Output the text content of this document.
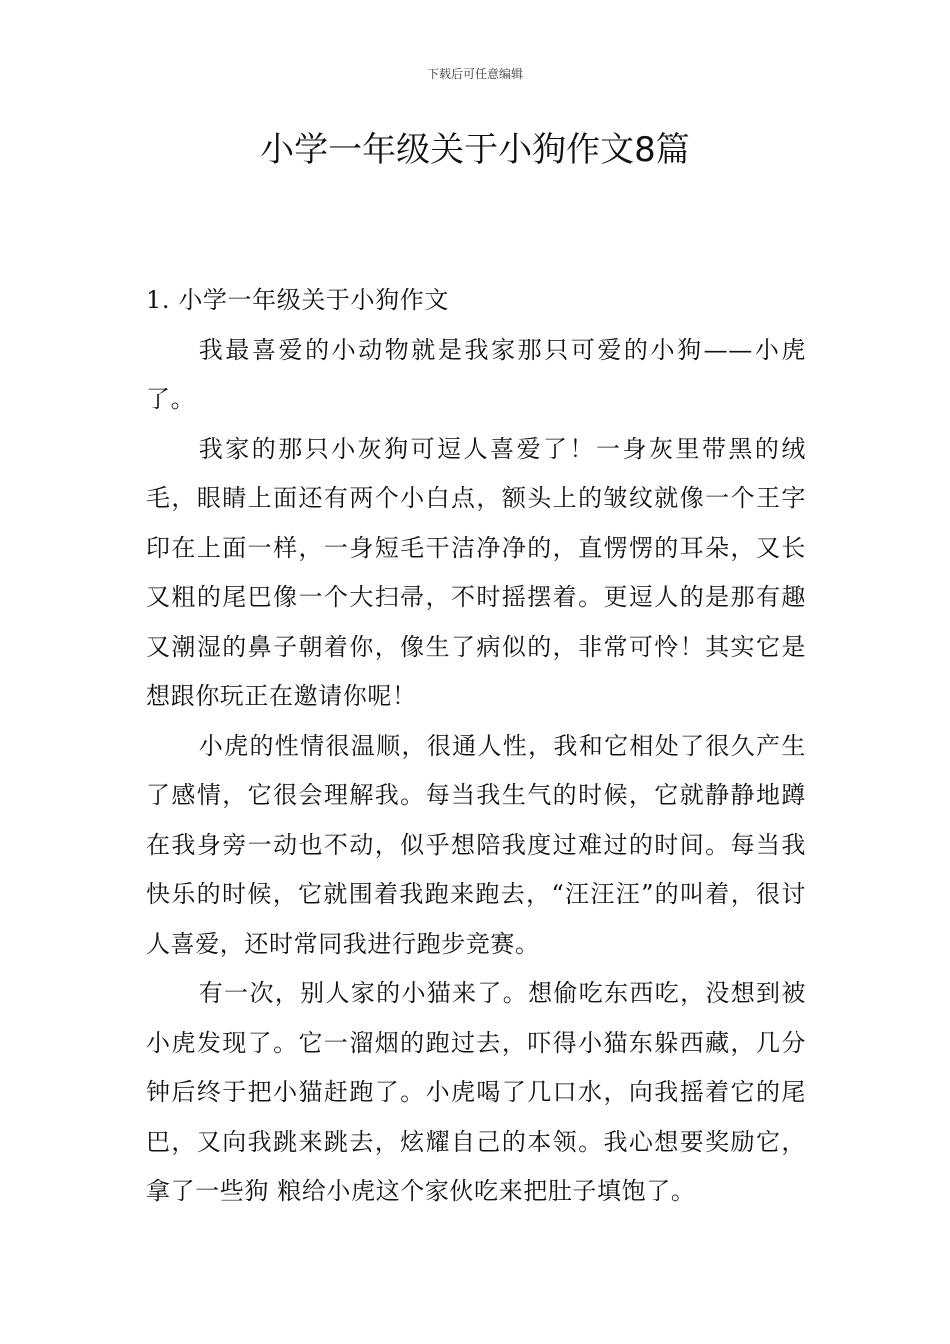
下载后可任意编辑
小学一年级关于小狗作文8篇
1. 小学一年级关于小狗作文

我最喜爱的小动物就是我家那只可爱的小狗——小虎了。

我家的那只小灰狗可逗人喜爱了！一身灰里带黑的绒毛，眼睛上面还有两个小白点，额头上的皱纹就像一个王字印在上面一样，一身短毛干洁净净的，直愣愣的耳朵，又长又粗的尾巴像一个大扫帚，不时摇摆着。更逗人的是那有趣又潮湿的鼻子朝着你，像生了病似的，非常可怜！其实它是想跟你玩正在邀请你呢！

小虎的性情很温顺，很通人性，我和它相处了很久产生了感情，它很会理解我。每当我生气的时候，它就静静地蹲在我身旁一动也不动，似乎想陪我度过难过的时间。每当我快乐的时候，它就围着我跑来跑去，“汪汪汪”的叫着，很讨人喜爱，还时常同我进行跑步竞赛。

有一次，别人家的小猫来了。想偷吃东西吃，没想到被小虎发现了。它一溜烟的跑过去，吓得小猫东躲西藏，几分钟后终于把小猫赶跑了。小虎喝了几口水，向我摇着它的尾巴，又向我跳来跳去，炫耀自己的本领。我心想要奖励它，拿了一些狗 粮给小虎这个家伙吃来把肚子填饱了。
